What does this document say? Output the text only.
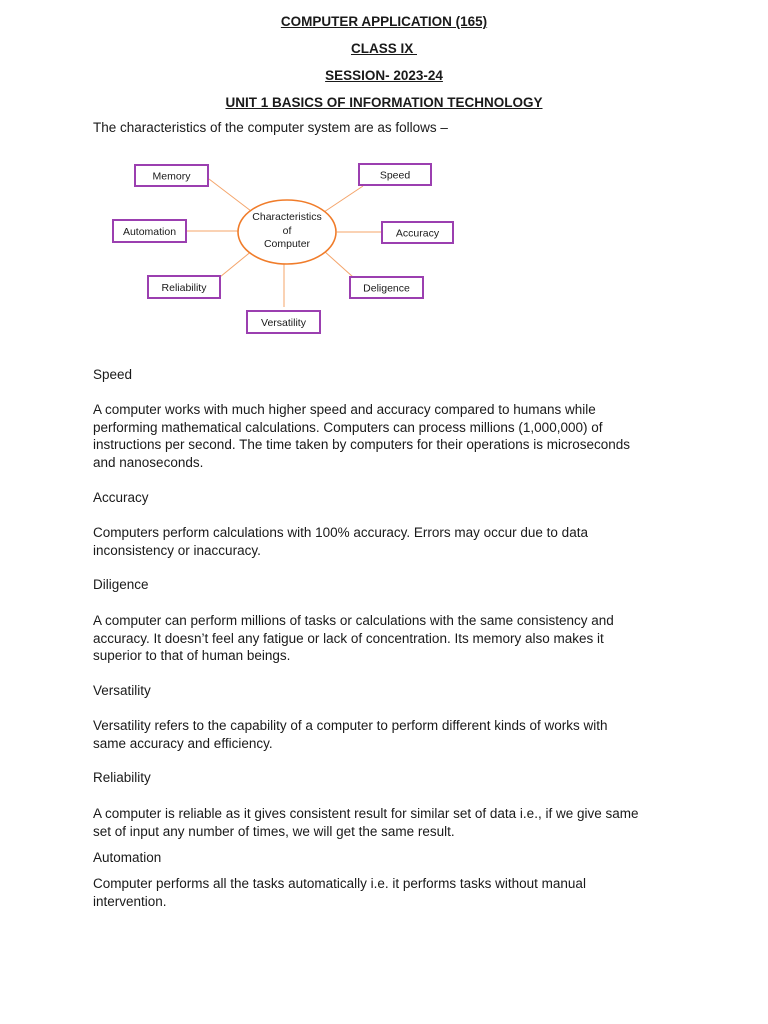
COMPUTER APPLICATION (165)
CLASS IX
SESSION- 2023-24
UNIT 1 BASICS OF INFORMATION TECHNOLOGY
The characteristics of the computer system are as follows –
Characteristics
of
Computer
Memory	Speed
Automation	Accuracy
Reliability	Deligence
Versatility
Speed
A computer works with much higher speed and accuracy compared to humans while
performing mathematical calculations. Computers can process millions (1,000,000) of
instructions per second. The time taken by computers for their operations is microseconds
and nanoseconds.
Accuracy
Computers perform calculations with 100% accuracy. Errors may occur due to data
inconsistency or inaccuracy.
Diligence
A computer can perform millions of tasks or calculations with the same consistency and
accuracy. It doesn’t feel any fatigue or lack of concentration. Its memory also makes it
superior to that of human beings.
Versatility
Versatility refers to the capability of a computer to perform different kinds of works with
same accuracy and efficiency.
Reliability
A computer is reliable as it gives consistent result for similar set of data i.e., if we give same
set of input any number of times, we will get the same result.
Automation
Computer performs all the tasks automatically i.e. it performs tasks without manual
intervention.
